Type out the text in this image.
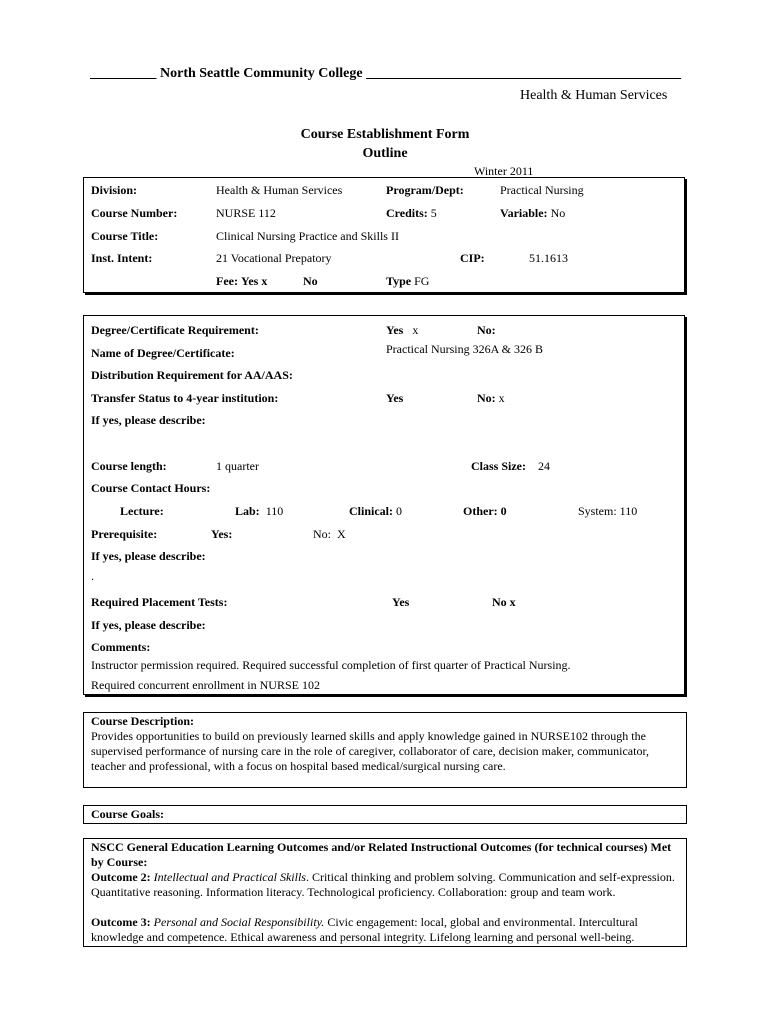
North Seattle Community College
Health & Human Services
Course Establishment Form
Outline
Winter 2011
Division:	Health & Human Services	Program/Dept:	Practical Nursing
Course Number:	NURSE 112	Credits: 5	Variable: No
Course Title:	Clinical Nursing Practice and Skills II
Inst. Intent:	21 Vocational Prepatory	CIP:	51.1613
Fee: Yes x	No	Type FG
Degree/Certificate Requirement:	Yes x	No:
Name of Degree/Certificate:	Practical Nursing 326A & 326 B
Distribution Requirement for AA/AAS:
Transfer Status to 4-year institution:	Yes	No: x
If yes, please describe:
Course length:	1 quarter	Class Size: 24
Course Contact Hours:
Lecture:	Lab: 110	Clinical: 0	Other: 0	System: 110
Prerequisite:	Yes:	No: X
If yes, please describe:
.
Required Placement Tests:	Yes	No x
If yes, please describe:
Comments:
Instructor permission required. Required successful completion of first quarter of Practical Nursing.
Required concurrent enrollment in NURSE 102
Course Description:
Provides opportunities to build on previously learned skills and apply knowledge gained in NURSE102 through the supervised performance of nursing care in the role of caregiver, collaborator of care, decision maker, communicator, teacher and professional, with a focus on hospital based medical/surgical nursing care.
Course Goals:
NSCC General Education Learning Outcomes and/or Related Instructional Outcomes (for technical courses) Met by Course:
Outcome 2: Intellectual and Practical Skills. Critical thinking and problem solving. Communication and self-expression. Quantitative reasoning. Information literacy. Technological proficiency. Collaboration: group and team work.
Outcome 3: Personal and Social Responsibility. Civic engagement: local, global and environmental. Intercultural knowledge and competence. Ethical awareness and personal integrity. Lifelong learning and personal well-being.
